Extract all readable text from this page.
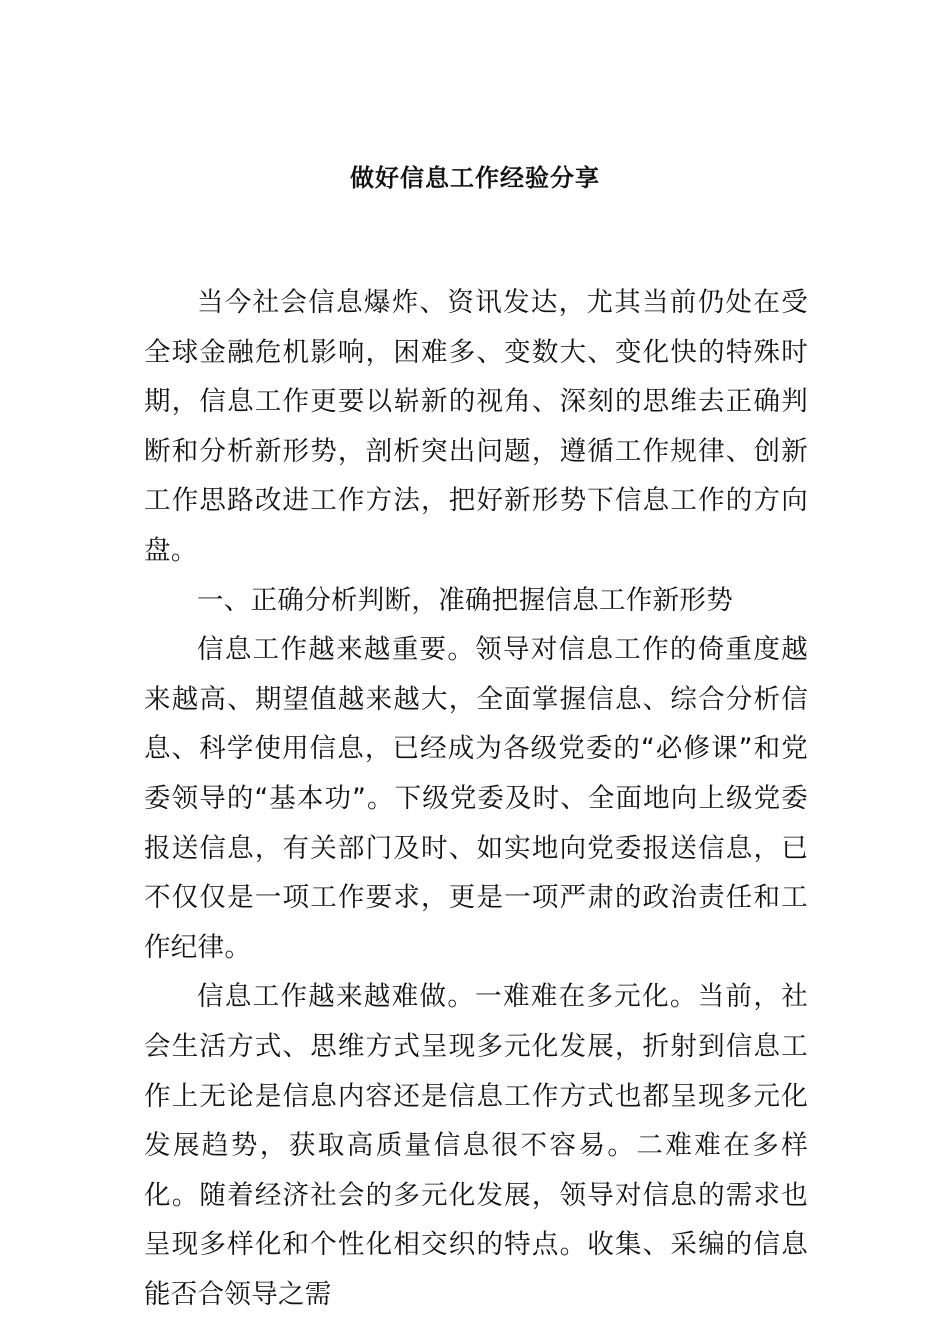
做好信息工作经验分享

当今社会信息爆炸、资讯发达，尤其当前仍处在受全球金融危机影响，困难多、变数大、变化快的特殊时期，信息工作更要以崭新的视角、深刻的思维去正确判断和分析新形势，剖析突出问题，遵循工作规律、创新工作思路改进工作方法，把好新形势下信息工作的方向盘。

一、正确分析判断，准确把握信息工作新形势

信息工作越来越重要。领导对信息工作的倚重度越来越高、期望值越来越大，全面掌握信息、综合分析信息、科学使用信息，已经成为各级党委的“必修课”和党委领导的“基本功”。下级党委及时、全面地向上级党委报送信息，有关部门及时、如实地向党委报送信息，已不仅仅是一项工作要求，更是一项严肃的政治责任和工作纪律。

信息工作越来越难做。一难难在多元化。当前，社会生活方式、思维方式呈现多元化发展，折射到信息工作上无论是信息内容还是信息工作方式也都呈现多元化发展趋势，获取高质量信息很不容易。二难难在多样化。随着经济社会的多元化发展，领导对信息的需求也呈现多样化和个性化相交织的特点。收集、采编的信息能否合领导之需
